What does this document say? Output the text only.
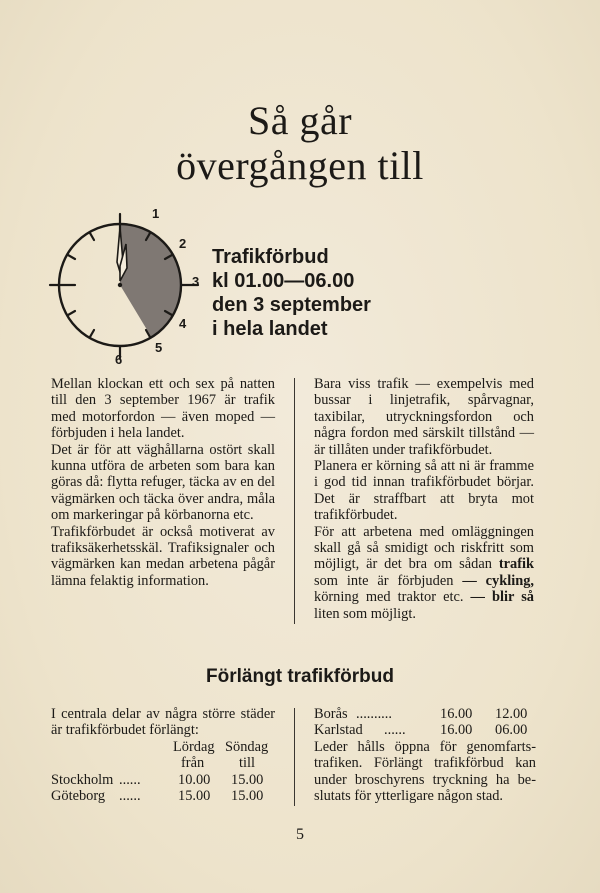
Så går
övergången till
1
2
3
4
5
6
Trafikförbud
kl 01.00—06.00
den 3 september
i hela landet

Mellan klockan ett och sex på natten till den 3 september 1967 är trafik med motorfordon — även moped — förbjuden i hela landet.

Det är för att väghållarna ostört skall kunna utföra de arbeten som bara kan göras då: flytta refuger, täcka av en del vägmärken och täcka över andra, måla om markeringar på körbanorna etc.

Trafikförbudet är också motiverat av trafiksäkerhetsskäl. Trafiksignaler och vägmärken kan medan arbetena pågår lämna felaktig information.

Bara viss trafik — exempelvis med bussar i linjetrafik, spårvagnar, taxibilar, utryckningsfordon och några fordon med särskilt tillstånd — är tillåten under trafikförbudet.

Planera er körning så att ni är framme i god tid innan trafikförbudet börjar. Det är straffbart att bryta mot trafikförbudet.

För att arbetena med omläggningen skall gå så smidigt och riskfritt som möjligt, är det bra om sådan trafik som inte är förbjuden — cykling, körning med traktor etc. — blir så liten som möjligt.

Förlängt trafikförbud
I centrala delar av några större städer är trafikförbudet förlängt:
Lördag Söndag
från till
Stockholm ......	10.00 15.00
Göteborg ......	15.00 15.00
Borås ..........	16.00 12.00
Karlstad ...... 16.00 06.00
Leder hålls öppna för genomfartstrafiken. Förlängt trafikförbud kan under broschyrens tryckning ha beslutats för ytterligare någon stad.
5
